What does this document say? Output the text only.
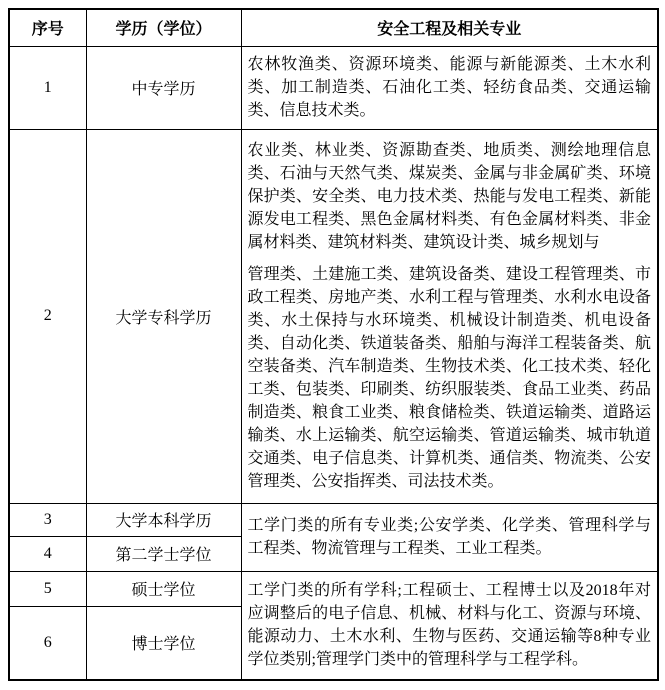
序号	学历（学位）	安全工程及相关专业
1	中专学历	农林牧渔类、资源环境类、能源与新能源类、土木水利类、加工制造类、石油化工类、轻纺食品类、交通运输类、信息技术类。

2	大学专科学历	农业类、林业类、资源勘查类、地质类、测绘地理信息类、石油与天然气类、煤炭类、金属与非金属矿类、环境保护类、安全类、电力技术类、热能与发电工程类、新能源发电工程类、黑色金属材料类、有色金属材料类、非金属材料类、建筑材料类、建筑设计类、城乡规划与

管理类、土建施工类、建筑设备类、建设工程管理类、市政工程类、房地产类、水利工程与管理类、水利水电设备类、水土保持与水环境类、机械设计制造类、机电设备类、自动化类、铁道装备类、船舶与海洋工程装备类、航空装备类、汽车制造类、生物技术类、化工技术类、轻化工类、包装类、印刷类、纺织服装类、食品工业类、药品制造类、粮食工业类、粮食储检类、铁道运输类、道路运输类、水上运输类、航空运输类、管道运输类、城市轨道交通类、电子信息类、计算机类、通信类、物流类、公安管理类、公安指挥类、司法技术类。

3	大学本科学历	工学门类的所有专业类;公安学类、化学类、管理科学与工程类、物流管理与工程类、工业工程类。

4	第二学士学位	
5	硕士学位	工学门类的所有学科;工程硕士、工程博士以及2018年对应调整后的电子信息、机械、材料与化工、资源与环境、能源动力、土木水利、生物与医药、交通运输等8种专业学位类别;管理学门类中的管理科学与工程学科。

6	博士学位	
